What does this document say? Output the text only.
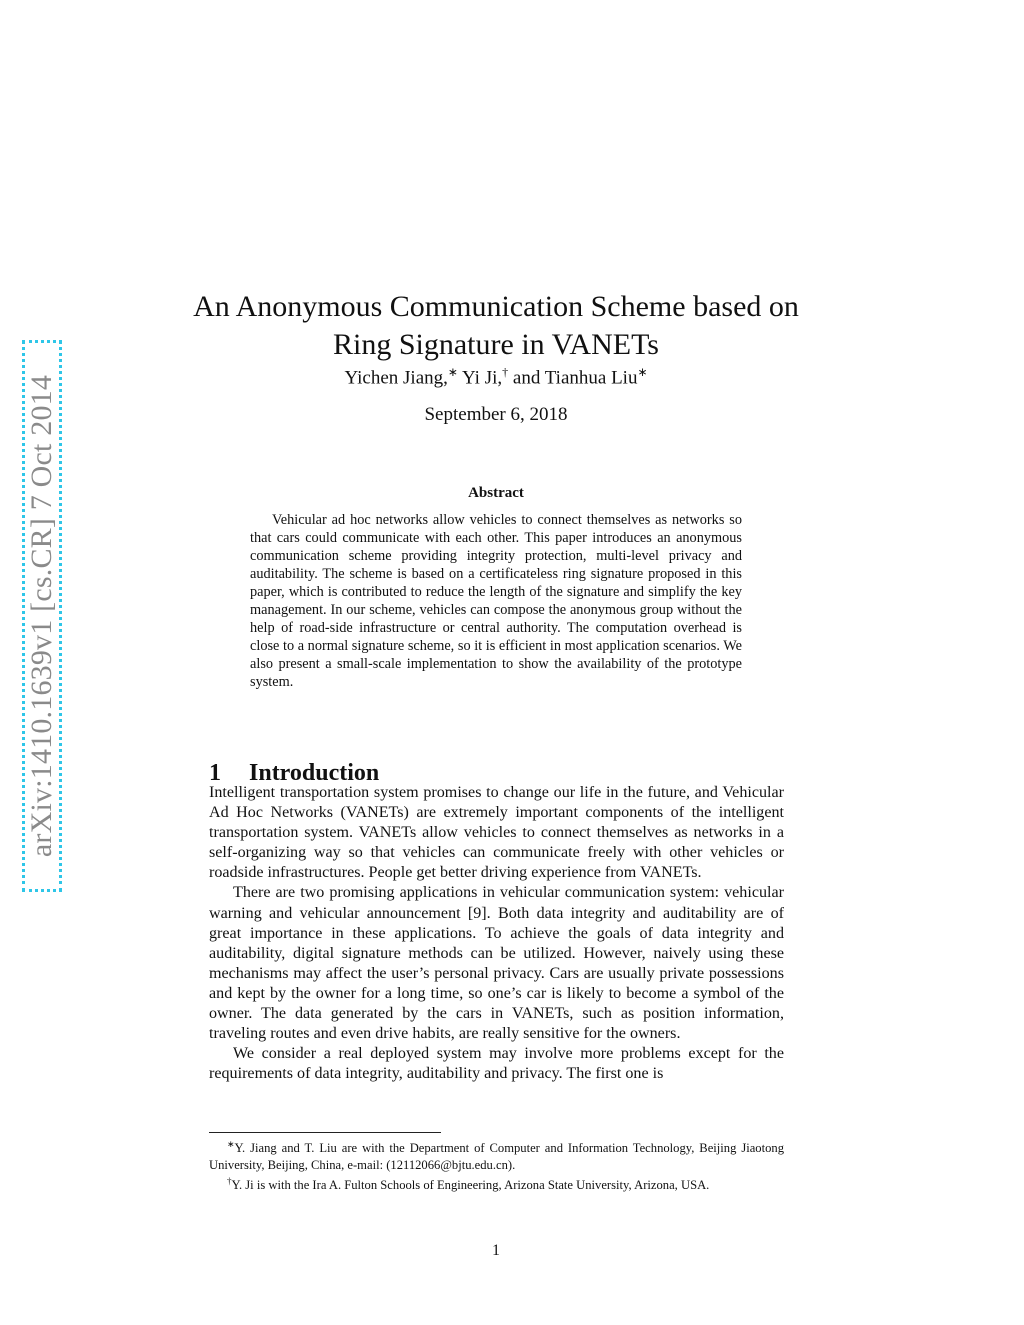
arXiv:1410.1639v1 [cs.CR] 7 Oct 2014
An Anonymous Communication Scheme based on
Ring Signature in VANETs
Yichen Jiang,∗ Yi Ji,† and Tianhua Liu∗
September 6, 2018
Abstract
Vehicular ad hoc networks allow vehicles to connect themselves as networks so that cars could communicate with each other. This paper introduces an anonymous communication scheme providing integrity protection, multi-level privacy and auditability. The scheme is based on a certificateless ring signature proposed in this paper, which is contributed to reduce the length of the signature and simplify the key management. In our scheme, vehicles can compose the anonymous group without the help of road-side infrastructure or central authority. The computation overhead is close to a normal signature scheme, so it is efficient in most application scenarios. We also present a small-scale implementation to show the availability of the prototype system.
1 Introduction

Intelligent transportation system promises to change our life in the future, and Vehicular Ad Hoc Networks (VANETs) are extremely important components of the intelligent transportation system. VANETs allow vehicles to connect themselves as networks in a self-organizing way so that vehicles can communicate freely with other vehicles or roadside infrastructures. People get better driving experience from VANETs.

There are two promising applications in vehicular communication system: vehicular warning and vehicular announcement [9]. Both data integrity and auditability are of great importance in these applications. To achieve the goals of data integrity and auditability, digital signature methods can be utilized. However, naively using these mechanisms may affect the user’s personal privacy. Cars are usually private possessions and kept by the owner for a long time, so one’s car is likely to become a symbol of the owner. The data generated by the cars in VANETs, such as position information, traveling routes and even drive habits, are really sensitive for the owners.

We consider a real deployed system may involve more problems except for the requirements of data integrity, auditability and privacy. The first one is

∗Y. Jiang and T. Liu are with the Department of Computer and Information Technology, Beijing Jiaotong University, Beijing, China, e-mail: (12112066@bjtu.edu.cn).

†Y. Ji is with the Ira A. Fulton Schools of Engineering, Arizona State University, Arizona, USA.

1
